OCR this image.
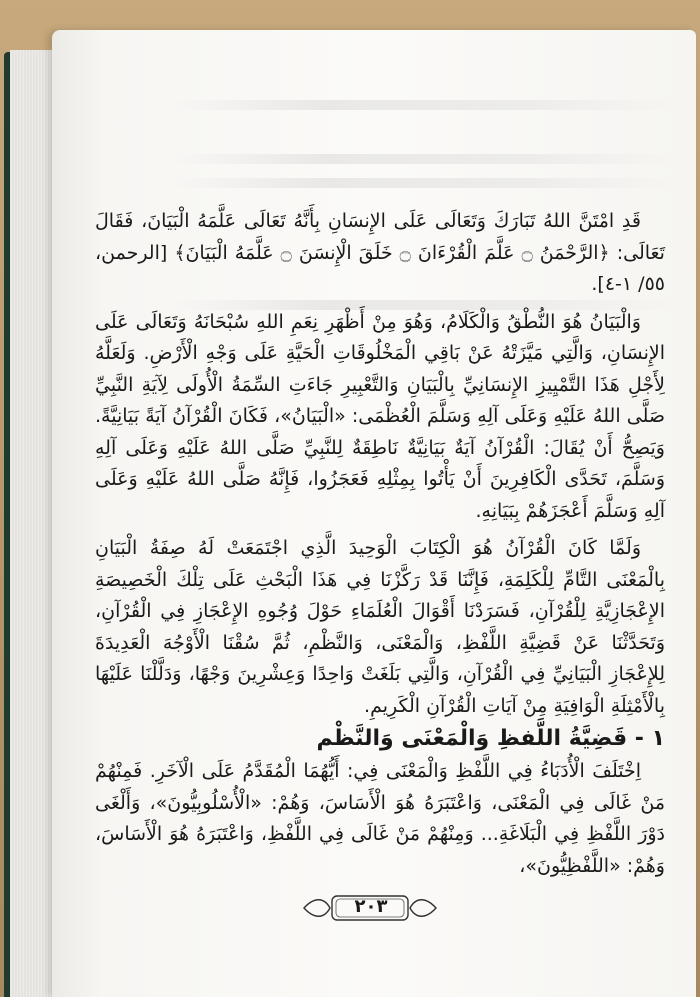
قَدِ امْتَنَّ اللهُ تَبَارَكَ وَتَعَالَى عَلَى الإِنسَانِ بِأَنَّهُ تَعَالَى عَلَّمَهُ الْبَيَانَ، فَقَالَ تَعَالَى: ﴿الرَّحْمَنُ ۝ عَلَّمَ الْقُرْءَانَ ۝ خَلَقَ الْإِنسَنَ ۝ عَلَّمَهُ الْبَيَانَ﴾ [الرحمن، ٥٥/ ١-٤].

وَالْبَيَانُ هُوَ النُّطْقُ وَالْكَلَامُ، وَهُوَ مِنْ أَظْهَرِ نِعَمِ اللهِ سُبْحَانَهُ وَتَعَالَى عَلَى الإِنسَانِ، وَالَّتِي مَيَّزَتْهُ عَنْ بَاقِي الْمَخْلُوقَاتِ الْحَيَّةِ عَلَى وَجْهِ الْأَرْضِ. وَلَعَلَّهُ لِأَجْلِ هَذَا التَّمْيِيزِ الإِنسَانِيِّ بِالْبَيَانِ وَالتَّعْبِيرِ جَاءَتِ السِّمَةُ الْأُولَى لِآيَةِ النَّبِيِّ صَلَّى اللهُ عَلَيْهِ وَعَلَى آلِهِ وَسَلَّمَ الْعُظْمَى: «الْبَيَانُ»، فَكَانَ الْقُرْآنُ آيَةً بَيَانِيَّةً. وَيَصِحُّ أَنْ يُقَالَ: الْقُرْآنُ آيَةٌ بَيَانِيَّةٌ نَاطِقَةٌ لِلنَّبِيِّ صَلَّى اللهُ عَلَيْهِ وَعَلَى آلِهِ وَسَلَّمَ، تَحَدَّى الْكَافِرِينَ أَنْ يَأْتُوا بِمِثْلِهِ فَعَجَزُوا، فَإِنَّهُ صَلَّى اللهُ عَلَيْهِ وَعَلَى آلِهِ وَسَلَّمَ أَعْجَزَهُمْ بِبَيَانِهِ.

وَلَمَّا كَانَ الْقُرْآنُ هُوَ الْكِتَابَ الْوَحِيدَ الَّذِي اجْتَمَعَتْ لَهُ صِفَةُ الْبَيَانِ بِالْمَعْنَى التَّامِّ لِلْكَلِمَةِ، فَإِنَّنَا قَدْ رَكَّزْنَا فِي هَذَا الْبَحْثِ عَلَى تِلْكَ الْخَصِيصَةِ الإِعْجَازِيَّةِ لِلْقُرْآنِ، فَسَرَدْنَا أَقْوَالَ الْعُلَمَاءِ حَوْلَ وُجُوهِ الإِعْجَازِ فِي الْقُرْآنِ، وَتَحَدَّثْنَا عَنْ قَضِيَّةِ اللَّفْظِ، وَالْمَعْنَى، وَالنَّظْمِ، ثُمَّ سُقْنَا الْأَوْجُهَ الْعَدِيدَةَ لِلإِعْجَازِ الْبَيَانِيِّ فِي الْقُرْآنِ، وَالَّتِي بَلَغَتْ وَاحِدًا وَعِشْرِينَ وَجْهًا، وَدَلَّلْنَا عَلَيْهَا بِالْأَمْثِلَةِ الْوَافِيَةِ مِنْ آيَاتِ الْقُرْآنِ الْكَرِيمِ.

١ - قَضِيَّةُ اللَّفظِ وَالْمَعْنَى وَالنَّظْم

اِخْتَلَفَ الْأُدَبَاءُ فِي اللَّفْظِ وَالْمَعْنَى فِي: أَيُّهُمَا الْمُقَدَّمُ عَلَى الْآخَرِ. فَمِنْهُمْ مَنْ غَالَى فِي الْمَعْنَى، وَاعْتَبَرَهُ هُوَ الْأَسَاسَ، وَهُمْ: «الْأُسْلُوبِيُّونَ»، وَأَلْغَى دَوْرَ اللَّفْظِ فِي الْبَلَاغَةِ... وَمِنْهُمْ مَنْ غَالَى فِي اللَّفْظِ، وَاعْتَبَرَهُ هُوَ الْأَسَاسَ، وَهُمْ: «اللَّفْظِيُّونَ»،

٢٠٣
